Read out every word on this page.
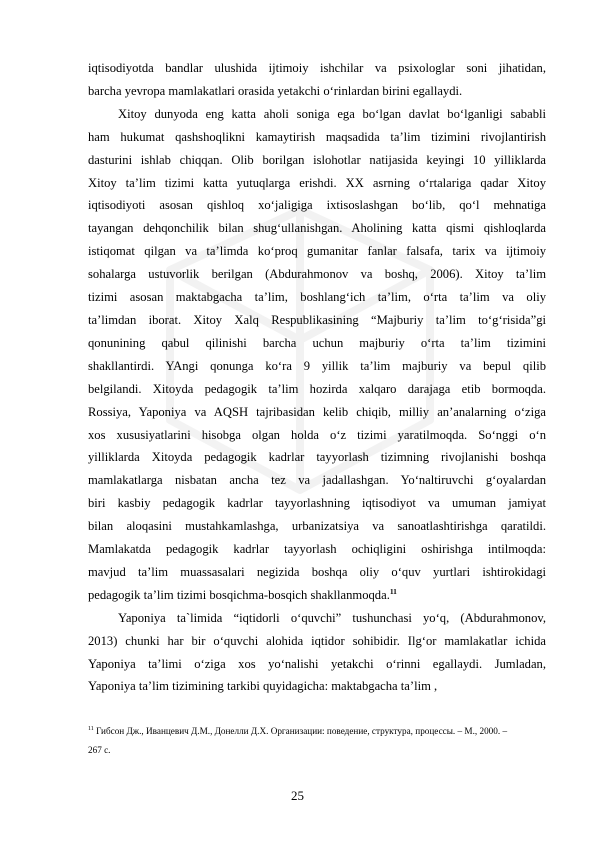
iqtisodiyotda bandlar ulushida ijtimoiy ishchilar va psixologlar soni jihatidan,

barcha yevropa mamlakatlari orasida yetakchi o‘rinlardan birini egallaydi.

Xitoy dunyoda eng katta aholi soniga ega bo‘lgan davlat bo‘lganligi sababli

ham hukumat qashshoqlikni kamaytirish maqsadida ta’lim tizimini rivojlantirish

dasturini ishlab chiqqan. Olib borilgan islohotlar natijasida keyingi 10 yilliklarda

Xitoy ta’lim tizimi katta yutuqlarga erishdi. XX asrning o‘rtalariga qadar Xitoy

iqtisodiyoti asosan qishloq xo‘jaligiga ixtisoslashgan bo‘lib, qo‘l mehnatiga

tayangan dehqonchilik bilan shug‘ullanishgan. Aholining katta qismi qishloqlarda

istiqomat qilgan va ta’limda ko‘proq gumanitar fanlar falsafa, tarix va ijtimoiy

sohalarga ustuvorlik berilgan (Abdurahmonov va boshq, 2006). Xitoy ta’lim

tizimi asosan maktabgacha ta’lim, boshlang‘ich ta’lim, o‘rta ta’lim va oliy

ta’limdan iborat. Xitoy Xalq Respublikasining “Majburiy ta’lim to‘g‘risida”gi

qonunining qabul qilinishi barcha uchun majburiy o‘rta ta’lim tizimini

shakllantirdi. YAngi qonunga ko‘ra 9 yillik ta’lim majburiy va bepul qilib

belgilandi. Xitoyda pedagogik ta’lim hozirda xalqaro darajaga etib bormoqda.

Rossiya, Yaponiya va AQSH tajribasidan kelib chiqib, milliy an’analarning o‘ziga

xos xususiyatlarini hisobga olgan holda o‘z tizimi yaratilmoqda. So‘nggi o‘n

yilliklarda Xitoyda pedagogik kadrlar tayyorlash tizimning rivojlanishi boshqa

mamlakatlarga nisbatan ancha tez va jadallashgan. Yo‘naltiruvchi g‘oyalardan

biri kasbiy pedagogik kadrlar tayyorlashning iqtisodiyot va umuman jamiyat

bilan aloqasini mustahkamlashga, urbanizatsiya va sanoatlashtirishga qaratildi.

Mamlakatda pedagogik kadrlar tayyorlash ochiqligini oshirishga intilmoqda:

mavjud ta’lim muassasalari negizida boshqa oliy o‘quv yurtlari ishtirokidagi

pedagogik ta’lim tizimi bosqichma-bosqich shakllanmoqda.$^{11}$

Yaponiya ta`limida “iqtidorli o‘quvchi” tushunchasi yo‘q, (Abdurahmonov,

2013) chunki har bir o‘quvchi alohida iqtidor sohibidir. Ilg‘or mamlakatlar ichida

Yaponiya ta’limi o‘ziga xos yo‘nalishi yetakchi o‘rinni egallaydi. Jumladan,

Yaponiya ta’lim tizimining tarkibi quyidagicha: maktabgacha ta’lim ,

$^{11}$ Гибсон Дж., Иванцевич Д.М., Донелли Д.Х. Организации: поведение, структура, процессы. – М., 2000. –
267 с.

25
